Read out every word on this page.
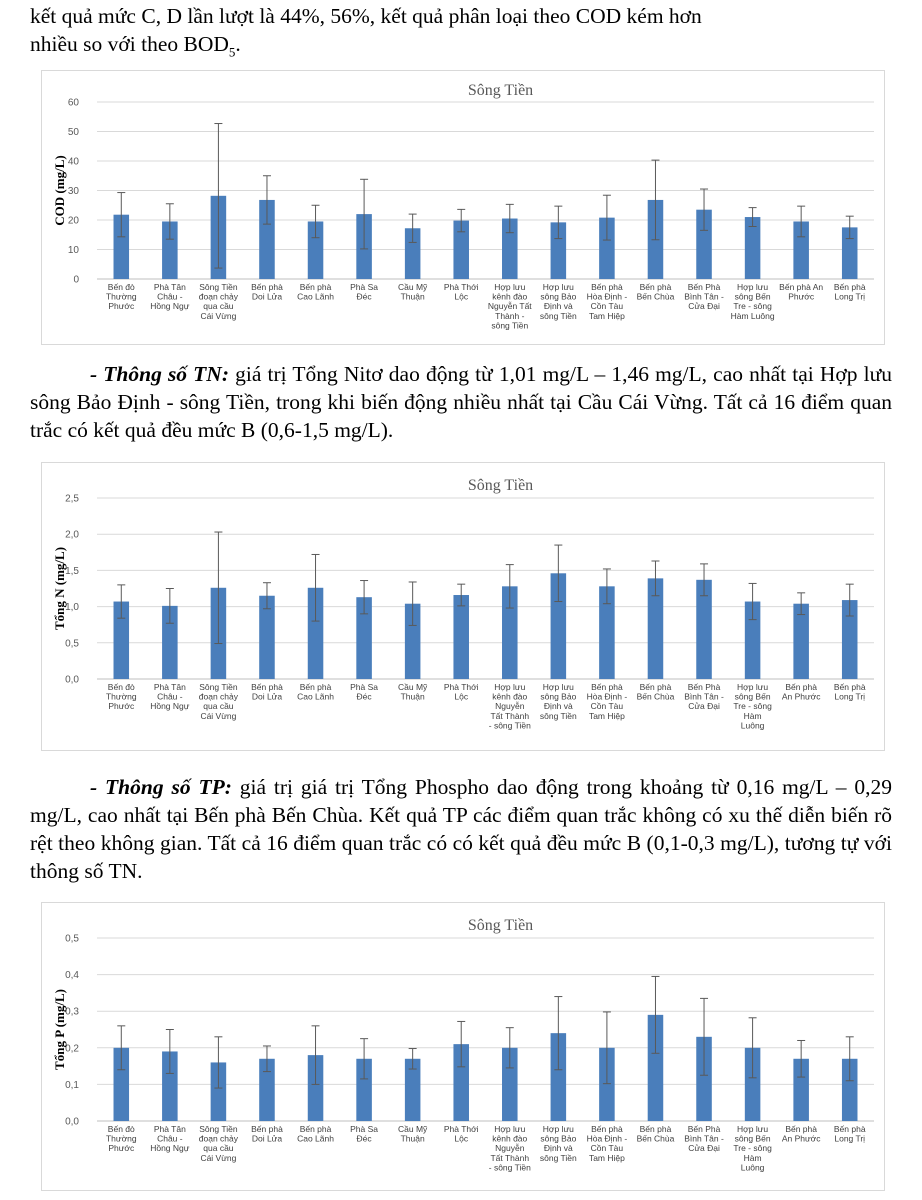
kết quả mức C, D lần lượt là 44%, 56%, kết quả phân loại theo COD kém hơn
nhiều so với theo $BOD_5$.

Sông Tiền
0
10
20
30
40
50
60
COD (mg/L)
Bến đò Thường Phước
Phà Tân Châu -Hồng Ngự
Sông Tiền đoạn chảy qua cầu Cái Vừng
Bến phà Doi Lửa
Bến phà Cao Lãnh
Phà Sa Đéc
Cầu Mỹ Thuận
Phà Thới Lộc
Hợp lưu kênh đào Nguyễn Tất Thành -sông Tiền
Hợp lưu sông Bảo Định và sông Tiền
Bến phà Hòa Định -Cồn Tàu Tam Hiệp
Bến phà Bến Chùa
Bến Phà Bình Tân -Cửa Đại
Hợp lưu sông Bến Tre - sông Hàm Luông
Bến phà An Phước
Bến phà Long Trị

- Thông số TN: giá trị Tổng Nitơ dao động từ 1,01 mg/L – 1,46 mg/L, cao nhất tại Hợp lưu sông Bảo Định - sông Tiền, trong khi biến động nhiều nhất tại Cầu Cái Vừng. Tất cả 16 điểm quan trắc có kết quả đều mức B (0,6-1,5 mg/L).

Sông Tiền
0,0
0,5
1,0
1,5
2,0
2,5
Tổng N (mg/L)
Bến đò Thường Phước
Phà Tân Châu -Hồng Ngự
Sông Tiền đoạn chảy qua cầu Cái Vừng
Bến phà Doi Lửa
Bến phà Cao Lãnh
Phà Sa Đéc
Cầu Mỹ Thuận
Phà Thới Lộc
Hợp lưu kênh đào Nguyễn Tất Thành - sông Tiền
Hợp lưu sông Bảo Định và sông Tiền
Bến phà Hòa Định -Cồn Tàu Tam Hiệp
Bến phà Bến Chùa
Bến Phà Bình Tân -Cửa Đại
Hợp lưu sông Bến Tre - sông Hàm Luông
Bến phà An Phước
Bến phà Long Trị

- Thông số TP: giá trị giá trị Tổng Phospho dao động trong khoảng từ 0,16 mg/L – 0,29 mg/L, cao nhất tại Bến phà Bến Chùa. Kết quả TP các điểm quan trắc không có xu thế diễn biến rõ rệt theo không gian. Tất cả 16 điểm quan trắc có có kết quả đều mức B (0,1-0,3 mg/L), tương tự với thông số TN.

Sông Tiền
0,0
0,1
0,2
0,3
0,4
0,5
Tổng P (mg/L)
Bến đò Thường Phước
Phà Tân Châu -Hồng Ngự
Sông Tiền đoạn chảy qua cầu Cái Vừng
Bến phà Doi Lửa
Bến phà Cao Lãnh
Phà Sa Đéc
Cầu Mỹ Thuận
Phà Thới Lộc
Hợp lưu kênh đào Nguyễn Tất Thành - sông Tiền
Hợp lưu sông Bảo Định và sông Tiền
Bến phà Hòa Định -Cồn Tàu Tam Hiệp
Bến phà Bến Chùa
Bến Phà Bình Tân -Cửa Đại
Hợp lưu sông Bến Tre - sông Hàm Luông
Bến phà An Phước
Bến phà Long Trị
